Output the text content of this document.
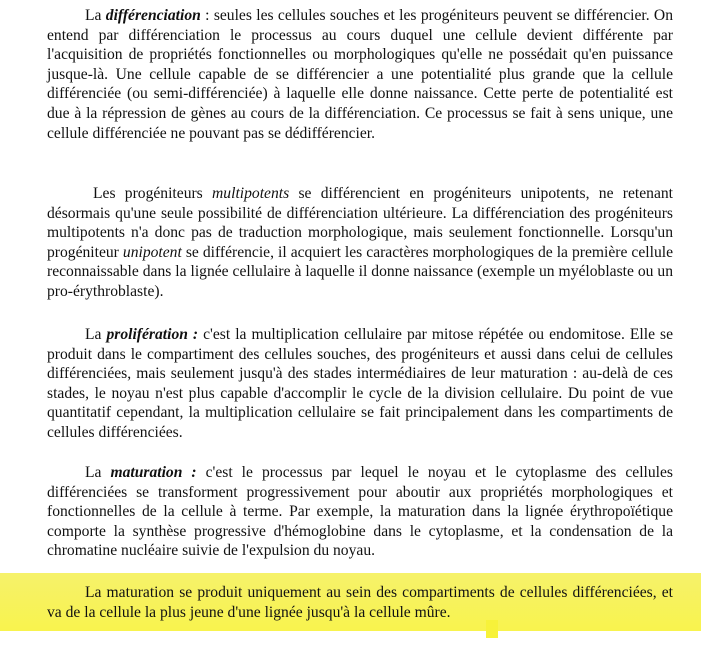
La différenciation : seules les cellules souches et les progéniteurs peuvent se différencier. On entend par différenciation le processus au cours duquel une cellule devient différente par l'acquisition de propriétés fonctionnelles ou morphologiques qu'elle ne possédait qu'en puissance jusque-là. Une cellule capable de se différencier a une potentialité plus grande que la cellule différenciée (ou semi-différenciée) à laquelle elle donne naissance. Cette perte de potentialité est due à la répression de gènes au cours de la différenciation. Ce processus se fait à sens unique, une cellule différenciée ne pouvant pas se dédifférencier.

Les progéniteurs multipotents se différencient en progéniteurs unipotents, ne retenant désormais qu'une seule possibilité de différenciation ultérieure. La différenciation des progéniteurs multipotents n'a donc pas de traduction morphologique, mais seulement fonctionnelle. Lorsqu'un progéniteur unipotent se différencie, il acquiert les caractères morphologiques de la première cellule reconnaissable dans la lignée cellulaire à laquelle il donne naissance (exemple un myéloblaste ou un pro-érythroblaste).

La prolifération : c'est la multiplication cellulaire par mitose répétée ou endomitose. Elle se produit dans le compartiment des cellules souches, des progéniteurs et aussi dans celui de cellules différenciées, mais seulement jusqu'à des stades intermédiaires de leur maturation : au-delà de ces stades, le noyau n'est plus capable d'accomplir le cycle de la division cellulaire. Du point de vue quantitatif cependant, la multiplication cellulaire se fait principalement dans les compartiments de cellules différenciées.

La maturation : c'est le processus par lequel le noyau et le cytoplasme des cellules différenciées se transforment progressivement pour aboutir aux propriétés morphologiques et fonctionnelles de la cellule à terme. Par exemple, la maturation dans la lignée érythropoïétique comporte la synthèse progressive d'hémoglobine dans le cytoplasme, et la condensation de la chromatine nucléaire suivie de l'expulsion du noyau.

La maturation se produit uniquement au sein des compartiments de cellules différenciées, et va de la cellule la plus jeune d'une lignée jusqu'à la cellule mûre.
